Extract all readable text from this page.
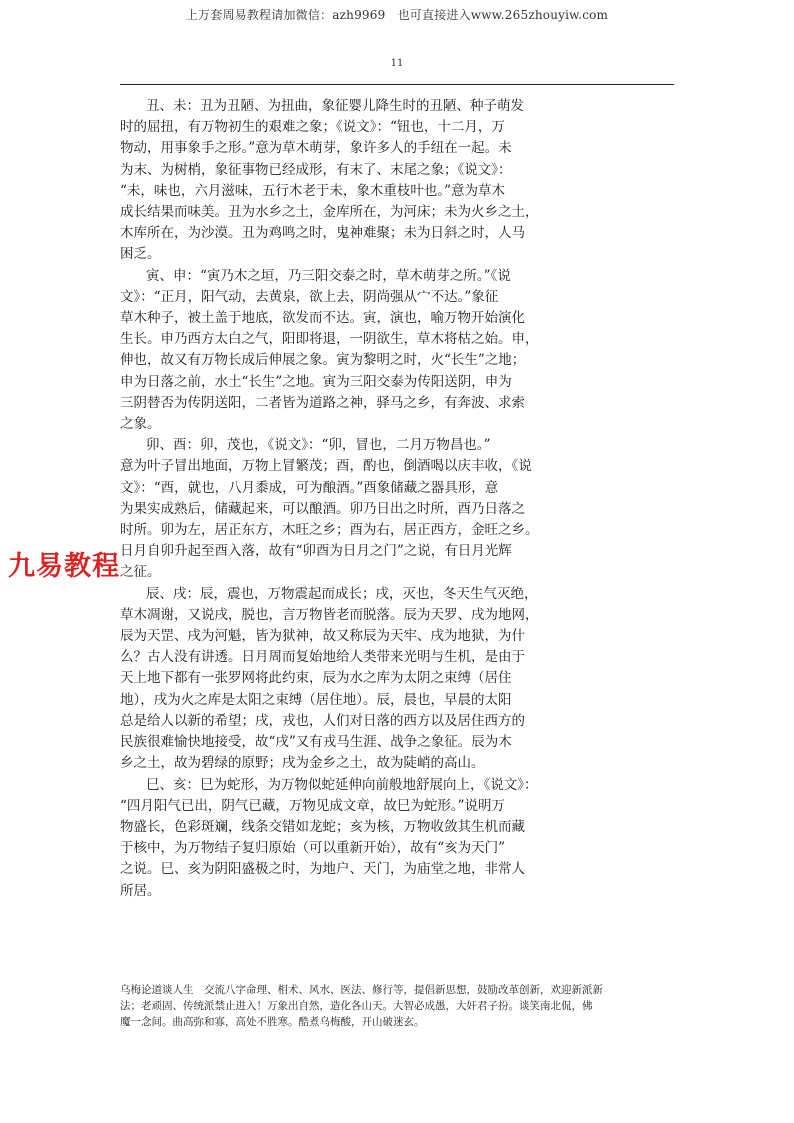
上万套周易教程请加微信：azh9969　也可直接进入www.265zhouyiw.com
11
丑、未：丑为丑陋、为扭曲，象征婴儿降生时的丑陋、种子萌发
时的屈扭，有万物初生的艰难之象；《说文》：“钮也，十二月，万
物动，用事象手之形。”意为草木萌芽，象许多人的手纽在一起。未
为末、为树梢，象征事物已经成形，有末了、末尾之象；《说文》：
“未，味也，六月滋味，五行木老于未，象木重枝叶也。”意为草木
成长结果而味美。丑为水乡之土，金库所在，为河床；未为火乡之土，
木库所在，为沙漠。丑为鸡鸣之时，鬼神难聚；未为日斜之时，人马
困乏。
寅、申：“寅乃木之垣，乃三阳交泰之时，草木萌芽之所。”《说
文》：“正月，阳气动，去黄泉，欲上去，阴尚强从宀不达。”象征
草木种子，被土盖于地底，欲发而不达。寅，演也，喻万物开始演化
生长。申乃西方太白之气，阳即将退，一阴欲生，草木将枯之始。申，
伸也，故又有万物长成后伸展之象。寅为黎明之时，火“长生”之地；
申为日落之前，水土“长生”之地。寅为三阳交泰为传阳送阴，申为
三阴替否为传阴送阳，二者皆为道路之神，驿马之乡，有奔波、求索
之象。
卯、酉：卯，茂也，《说文》：“卯，冒也，二月万物昌也。”
意为叶子冒出地面，万物上冒繁茂；酉，酌也，倒酒喝以庆丰收，《说
文》：“酉，就也，八月黍成，可为酿酒。”酉象储藏之器具形，意
为果实成熟后，储藏起来，可以酿酒。卯乃日出之时所，酉乃日落之
时所。卯为左，居正东方，木旺之乡；酉为右，居正西方，金旺之乡。
日月自卯升起至酉入落，故有“卯酉为日月之门”之说，有日月光辉
之征。
辰、戌：辰，震也，万物震起而成长；戌，灭也，冬天生气灭绝，
草木凋谢，又说戌，脱也，言万物皆老而脱落。辰为天罗、戌为地网，
辰为天罡、戌为河魁，皆为狱神，故又称辰为天牢、戌为地狱，为什
么？古人没有讲透。日月周而复始地给人类带来光明与生机，是由于
天上地下都有一张罗网将此约束，辰为水之库为太阴之束缚（居住
地），戌为火之库是太阳之束缚（居住地）。辰，晨也，早晨的太阳
总是给人以新的希望；戌，戎也，人们对日落的西方以及居住西方的
民族很难愉快地接受，故“戌”又有戎马生涯、战争之象征。辰为木
乡之土，故为碧绿的原野；戌为金乡之土，故为陡峭的高山。
巳、亥：巳为蛇形，为万物似蛇延伸向前般地舒展向上，《说文》：
“四月阳气已出，阴气已藏，万物见成文章，故巳为蛇形。”说明万
物盛长，色彩斑斓，线条交错如龙蛇；亥为核，万物收敛其生机而藏
于核中，为万物结子复归原始（可以重新开始），故有“亥为天门”
之说。巳、亥为阴阳盛极之时，为地户、天门，为庙堂之地，非常人
所居。
九易教程
乌梅论道谈人生　交流八字命理、相术、风水、医法、修行等，提倡新思想，鼓励改革创新，欢迎新派新
法；老顽固、传统派禁止进入！万象出自然，造化各山天。大智必成愚，大奸君子扮。谈笑南北侃，佛
魔一念间。曲高弥和寡，高处不胜寒。酷煮乌梅酸，开山破迷玄。
